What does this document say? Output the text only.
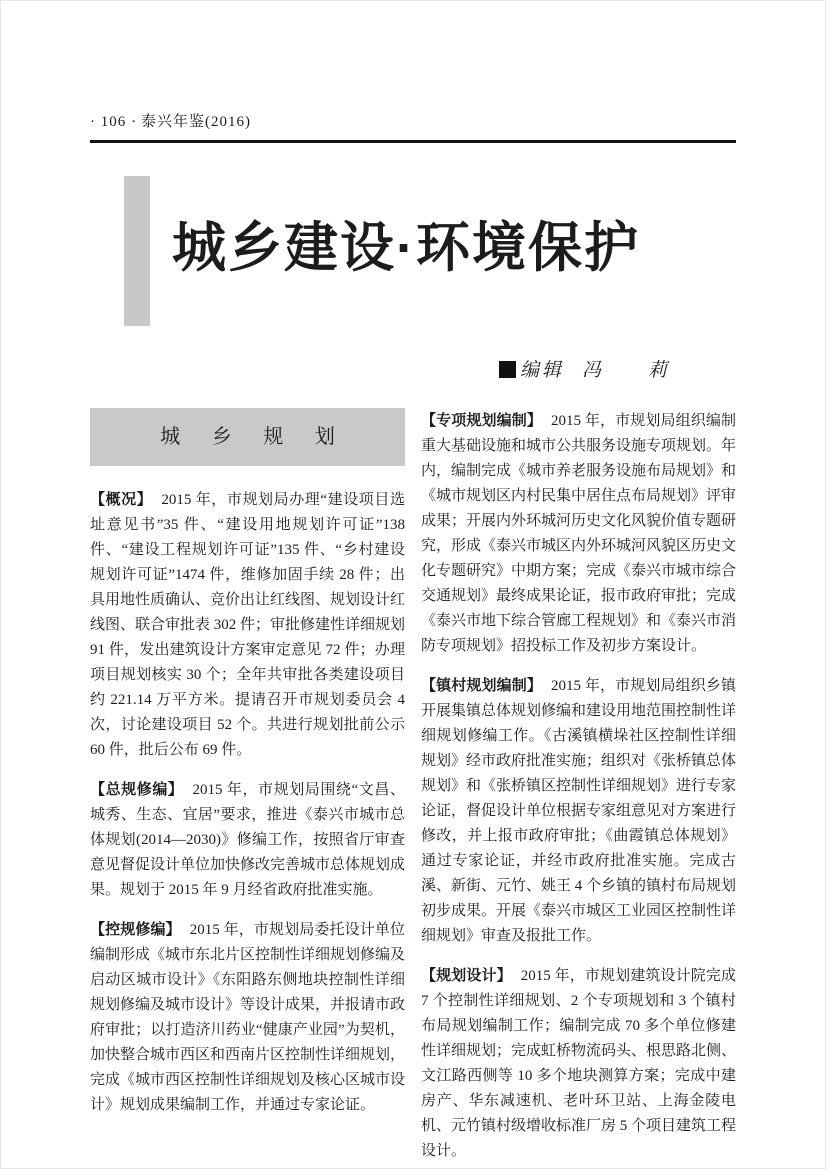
· 106 · 泰兴年鉴(2016)
城乡建设·环境保护
编辑 冯　莉
城 乡 规 划

【概况】 2015 年，市规划局办理“建设项目选址意见书”35 件、“建设用地规划许可证”138 件、“建设工程规划许可证”135 件、“乡村建设规划许可证”1474 件，维修加固手续 28 件；出具用地性质确认、竞价出让红线图、规划设计红线图、联合审批表 302 件；审批修建性详细规划 91 件，发出建筑设计方案审定意见 72 件；办理项目规划核实 30 个；全年共审批各类建设项目约 221.14 万平方米。提请召开市规划委员会 4 次，讨论建设项目 52 个。共进行规划批前公示 60 件，批后公布 69 件。

【总规修编】 2015 年，市规划局围绕“文昌、城秀、生态、宜居”要求，推进《泰兴市城市总体规划(2014—2030)》修编工作，按照省厅审查意见督促设计单位加快修改完善城市总体规划成果。规划于 2015 年 9 月经省政府批准实施。

【控规修编】 2015 年，市规划局委托设计单位编制形成《城市东北片区控制性详细规划修编及启动区城市设计》《东阳路东侧地块控制性详细规划修编及城市设计》等设计成果，并报请市政府审批；以打造济川药业“健康产业园”为契机，加快整合城市西区和西南片区控制性详细规划，完成《城市西区控制性详细规划及核心区城市设计》规划成果编制工作，并通过专家论证。

【专项规划编制】 2015 年，市规划局组织编制重大基础设施和城市公共服务设施专项规划。年内，编制完成《城市养老服务设施布局规划》和《城市规划区内村民集中居住点布局规划》评审成果；开展内外环城河历史文化风貌价值专题研究，形成《泰兴市城区内外环城河风貌区历史文化专题研究》中期方案；完成《泰兴市城市综合交通规划》最终成果论证，报市政府审批；完成《泰兴市地下综合管廊工程规划》和《泰兴市消防专项规划》招投标工作及初步方案设计。

【镇村规划编制】 2015 年，市规划局组织乡镇开展集镇总体规划修编和建设用地范围控制性详细规划修编工作。《古溪镇横垛社区控制性详细规划》经市政府批准实施；组织对《张桥镇总体规划》和《张桥镇区控制性详细规划》进行专家论证，督促设计单位根据专家组意见对方案进行修改，并上报市政府审批；《曲霞镇总体规划》通过专家论证，并经市政府批准实施。完成古溪、新街、元竹、姚王 4 个乡镇的镇村布局规划初步成果。开展《泰兴市城区工业园区控制性详细规划》审查及报批工作。

【规划设计】 2015 年，市规划建筑设计院完成 7 个控制性详细规划、2 个专项规划和 3 个镇村布局规划编制工作；编制完成 70 多个单位修建性详细规划；完成虹桥物流码头、根思路北侧、文江路西侧等 10 多个地块测算方案；完成中建房产、华东减速机、老叶环卫站、上海金陵电机、元竹镇村级增收标准厂房 5 个项目建筑工程设计。
